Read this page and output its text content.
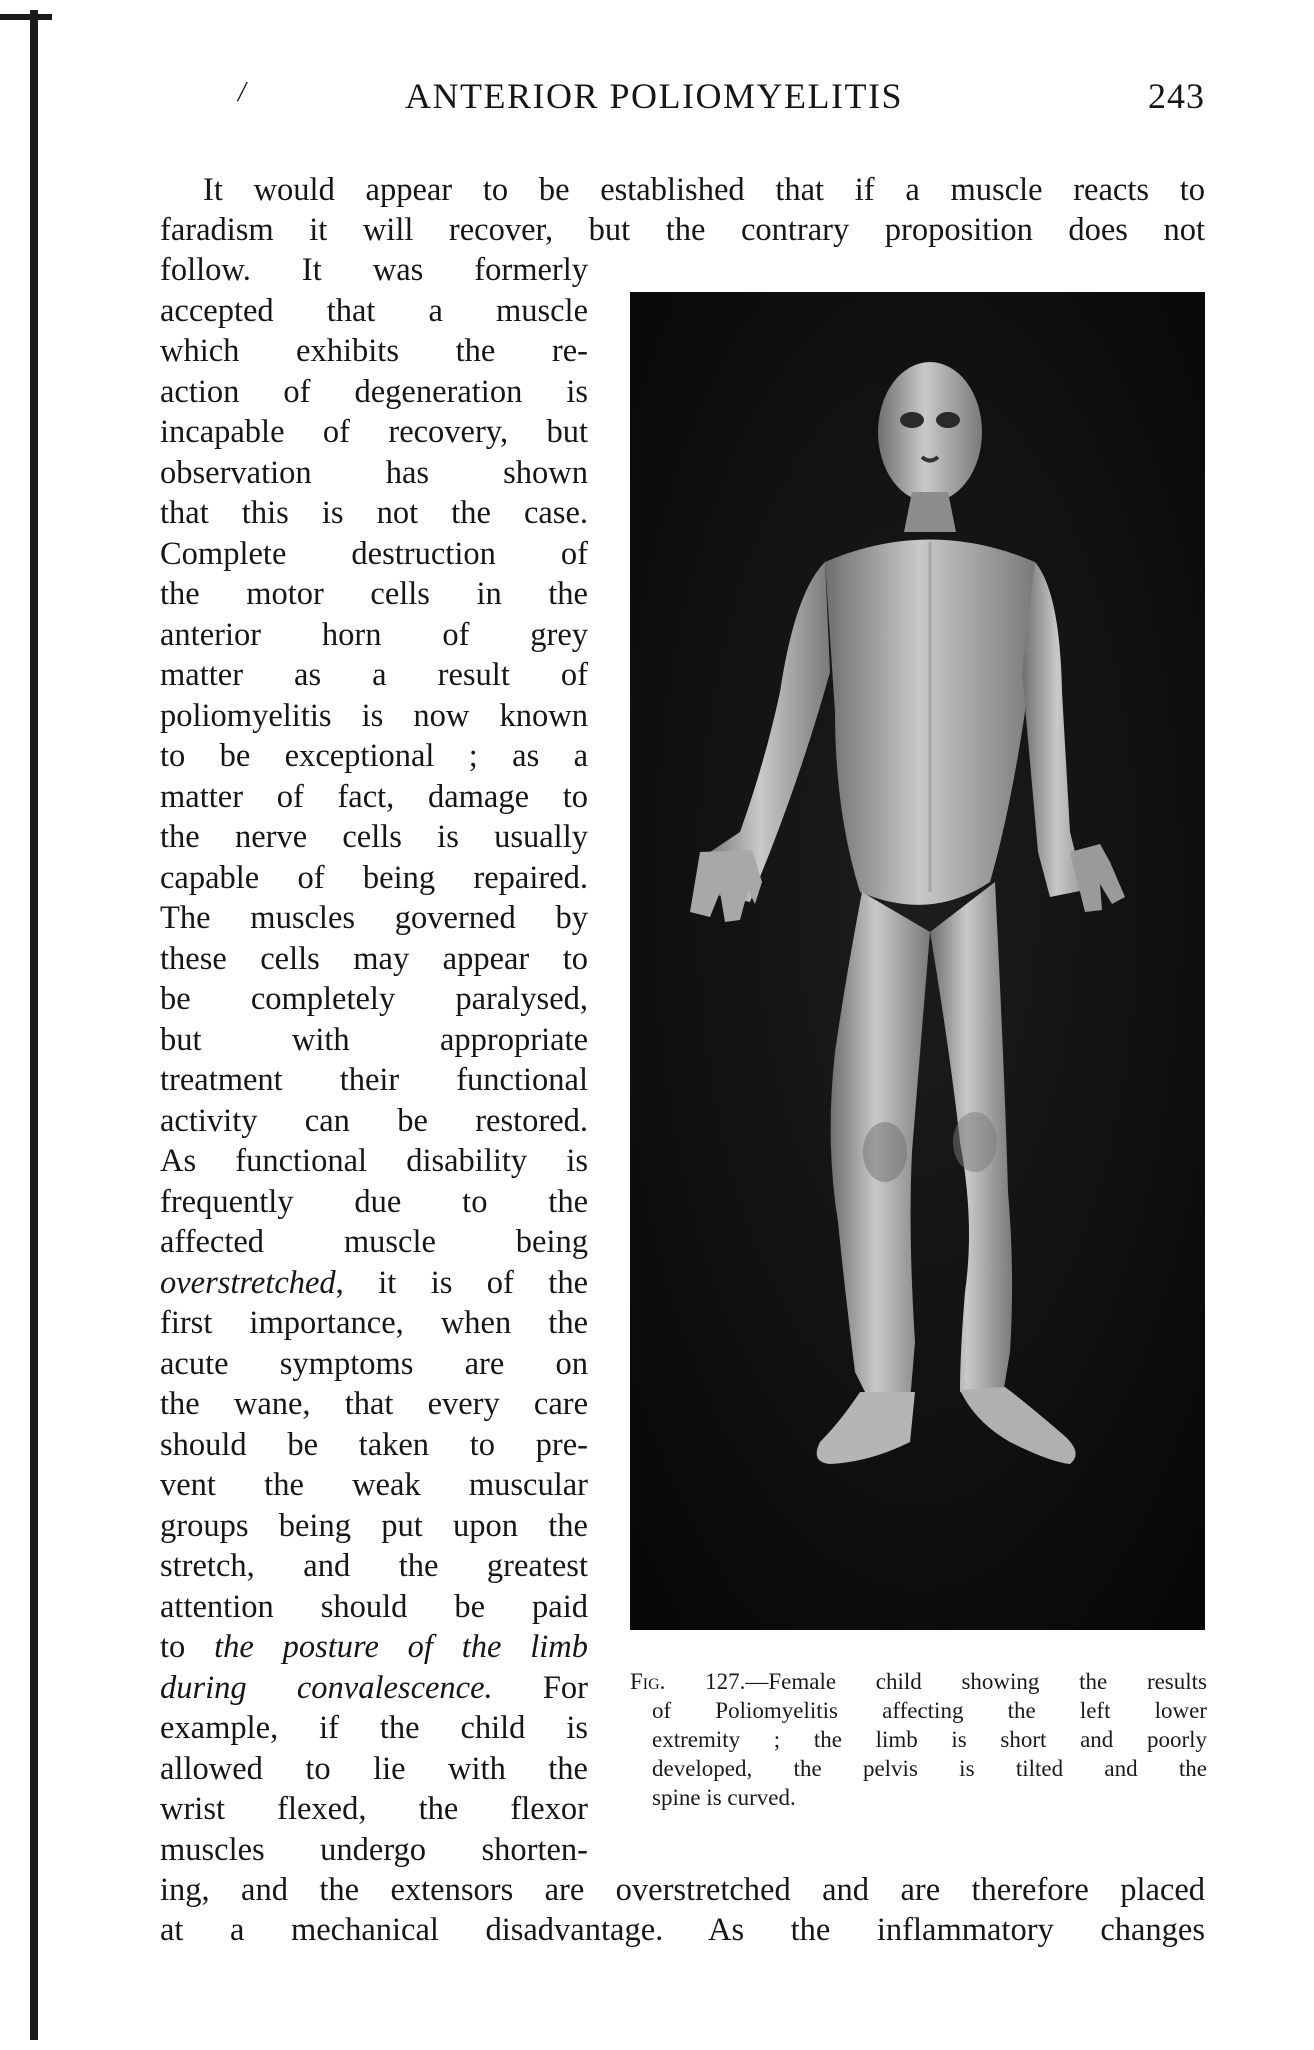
/	ANTERIOR POLIOMYELITIS	243
It would appear to be established that if a muscle reacts to
faradism it will recover, but the contrary proposition does not
follow. It was formerly
accepted that a muscle
which exhibits the re-
action of degeneration is
incapable of recovery, but
observation has shown
that this is not the case.
Complete destruction of
the motor cells in the
anterior horn of grey
matter as a result of
poliomyelitis is now known
to be exceptional ; as a
matter of fact, damage to
the nerve cells is usually
capable of being repaired.
The muscles governed by
these cells may appear to
be completely paralysed,
but with appropriate
treatment their functional
activity can be restored.
As functional disability is
frequently due to the
affected muscle being
overstretched, it is of the
first importance, when the
acute symptoms are on
the wane, that every care
should be taken to pre-
vent the weak muscular
groups being put upon the
stretch, and the greatest
attention should be paid
to the posture of the limb
during convalescence. For
example, if the child is
allowed to lie with the
wrist flexed, the flexor
muscles undergo shorten-
ing, and the extensors are overstretched and are therefore placed
at a mechanical disadvantage. As the inflammatory changes
Fig. 127.—Female child showing the results
of Poliomyelitis affecting the left lower
extremity ; the limb is short and poorly
developed, the pelvis is tilted and the
spine is curved.
